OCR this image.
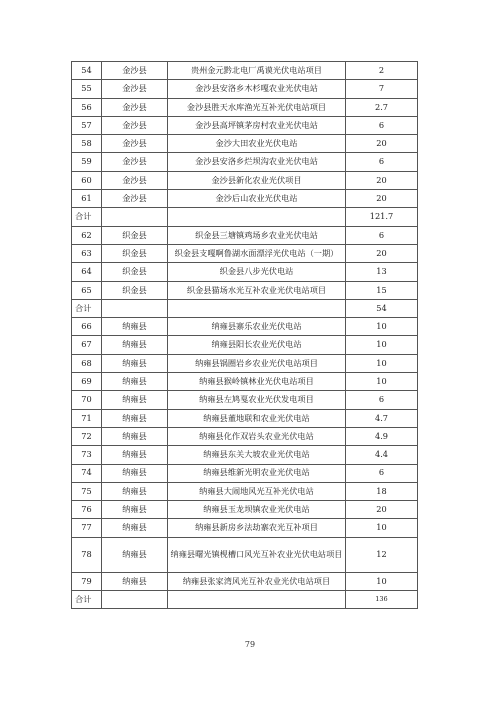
54	金沙县	贵州金元黔北电厂禹谟光伏电站项目	2
55	金沙县	金沙县安洛乡木杉嘎农业光伏电站	7
56	金沙县	金沙县胜天水库渔光互补光伏电站项目	2.7
57	金沙县	金沙县高坪镇茅房村农业光伏电站	6
58	金沙县	金沙大田农业光伏电站	20
59	金沙县	金沙县安洛乡烂坝沟农业光伏电站	6
60	金沙县	金沙县新化农业光伏项目	20
61	金沙县	金沙后山农业光伏电站	20
合计			121.7
62	织金县	织金县三塘镇鸡场乡农业光伏电站	6
63	织金县	织金县支嘎啊鲁湖水面漂浮光伏电站（一期）	20
64	织金县	织金县八步光伏电站	13
65	织金县	织金县猫场水光互补农业光伏电站项目	15
合计			54
66	纳雍县	纳雍县寨乐农业光伏电站	10
67	纳雍县	纳雍县阳长农业光伏电站	10
68	纳雍县	纳雍县锅圈岩乡农业光伏电站项目	10
69	纳雍县	纳雍县猴岭镇林业光伏电站项目	10
70	纳雍县	纳雍县左鸠戛农业光伏发电项目	6
71	纳雍县	纳雍县董地联和农业光伏电站	4.7
72	纳雍县	纳雍县化作双岩头农业光伏电站	4.9
73	纳雍县	纳雍县东关大坡农业光伏电站	4.4
74	纳雍县	纳雍县维新光明农业光伏电站	6
75	纳雍县	纳雍县大闹地风光互补光伏电站	18
76	纳雍县	纳雍县玉龙坝镇农业光伏电站	20
77	纳雍县	纳雍县新房乡法劫寨农光互补项目	10
78	纳雍县	纳雍县曙光镇枧槽口风光互补农业光伏电站项目	12
79	纳雍县	纳雍县张家湾风光互补农业光伏电站项目	10
合计			136
79
